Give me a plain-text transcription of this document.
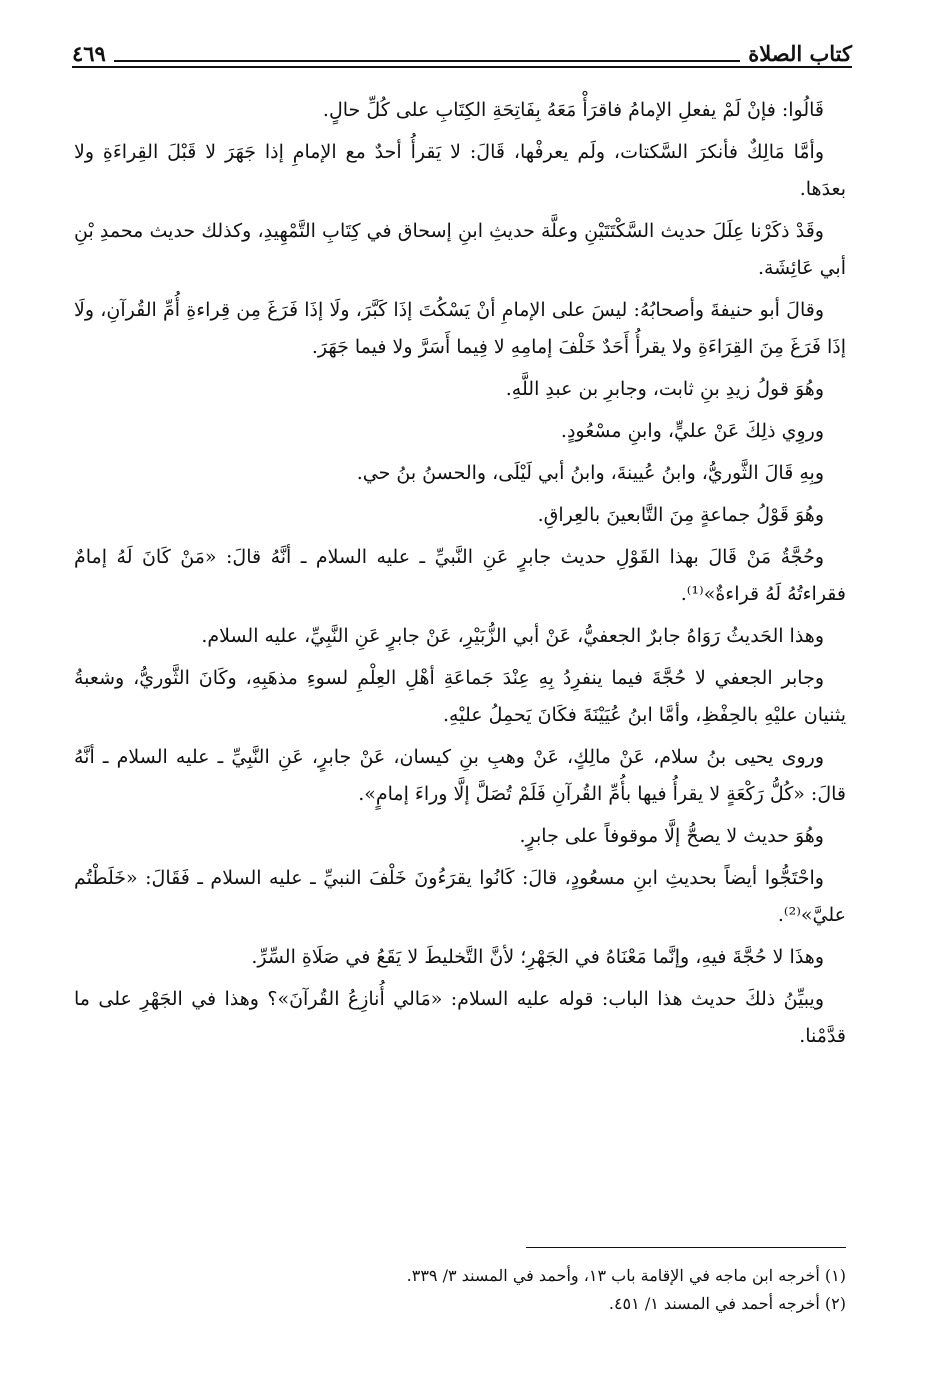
كتاب الصلاة
٤٦٩

قَالُوا: فإنْ لَمْ يفعلِ الإمامُ فاقرَأْ مَعَهُ بِفَاتِحَةِ الكِتَابِ على كُلِّ حالٍ.

وأمَّا مَالِكٌ فأنكرَ السَّكتات، ولَم يعرفْها، قَالَ: لا يَقرأُ أحدٌ مع الإمامِ إذا جَهَرَ لا قَبْلَ القِراءَةِ ولا بعدَها.

وقَدْ ذكَرْنا عِلَلَ حديث السَّكْتَتَيْنِ وعلَّة حديثِ ابنِ إسحاق في كِتَابِ التَّمْهِيدِ، وكذلك حديث محمدِ بْنِ أبي عَائِشَة.

وقالَ أبو حنيفةَ وأصحابُهُ: ليسَ على الإمامِ أنْ يَسْكُتَ إذَا كَبَّرَ، ولَا إذَا فَرَغَ مِن قِراءةِ أُمِّ القُرآنِ، ولَا إذَا فَرَغَ مِنَ القِرَاءَةِ ولا يقرأُ أَحَدٌ خَلْفَ إمامِهِ لا فِيما أَسَرَّ ولا فيما جَهَرَ.

وهُوَ قولُ زيدِ بنِ ثابت، وجابرِ بن عبدِ اللَّهِ.

وروِي ذلِكَ عَنْ عليٍّ، وابنِ مسْعُودٍ.

وبِهِ قَالَ الثَّوريُّ، وابنُ عُيينةَ، وابنُ أبي لَيْلَى، والحسنُ بنُ حي.

وهُوَ قَوْلُ جماعةٍ مِنَ التَّابعينَ بالعِراقِ.

وحُجَّةُ مَنْ قَالَ بهذا القَوْلِ حديث جابرٍ عَنِ النَّبيِّ ـ عليه السلام ـ أنَّهُ قالَ: «مَنْ كَانَ لَهُ إمامٌ فقراءتُهُ لَهُ قراءةٌ»⁽¹⁾.

وهذا الحَديثُ رَوَاهُ جابرٌ الجعفيُّ، عَنْ أبي الزُّبَيْرِ، عَنْ جابرٍ عَنِ النَّبِيِّ، عليه السلام.

وجابر الجعفي لا حُجَّةَ فيما ينفرِدُ بِهِ عِنْدَ جَماعَةِ أهْلِ العِلْمِ لسوءِ مذهَبِهِ، وكَانَ الثَّوريُّ، وشعبةُ يثنيان عليْهِ بالحِفْظِ، وأمَّا ابنُ عُيَيْنَةَ فكَانَ يَحمِلُ عليْهِ.

وروى يحيى بنُ سلام، عَنْ مالِكٍ، عَنْ وهبِ بنِ كيسان، عَنْ جابرٍ، عَنِ النَّبِيِّ ـ عليه السلام ـ أنَّهُ قالَ: «كُلُّ رَكْعَةٍ لا يقرأُ فيها بأُمِّ القُرآنِ فَلَمْ تُصَلَّ إلَّا وراءَ إمامٍ».

وهُوَ حديث لا يصحُّ إلَّا موقوفاً على جابرٍ.

واحْتَجُّوا أيضاً بحديثِ ابنِ مسعُودٍ، قالَ: كَانُوا يقرَءُونَ خَلْفَ النبيِّ ـ عليه السلام ـ فَقَالَ: «خَلَطْتُم عليَّ»⁽²⁾.

وهذَا لا حُجَّةَ فيهِ، وإنَّما مَعْنَاهُ في الجَهْرِ؛ لأنَّ التَّخليطَ لا يَقَعُ في صَلَاةِ السِّرِّ.

ويبيِّنُ ذلكَ حديث هذا الباب: قوله عليه السلام: «مَالي أُنازِعُ القُرآنَ»؟ وهذا في الجَهْرِ على ما قدَّمْنا.

(١) أخرجه ابن ماجه في الإقامة باب ١٣، وأحمد في المسند ٣/ ٣٣٩.

(٢) أخرجه أحمد في المسند ١/ ٤٥١.
